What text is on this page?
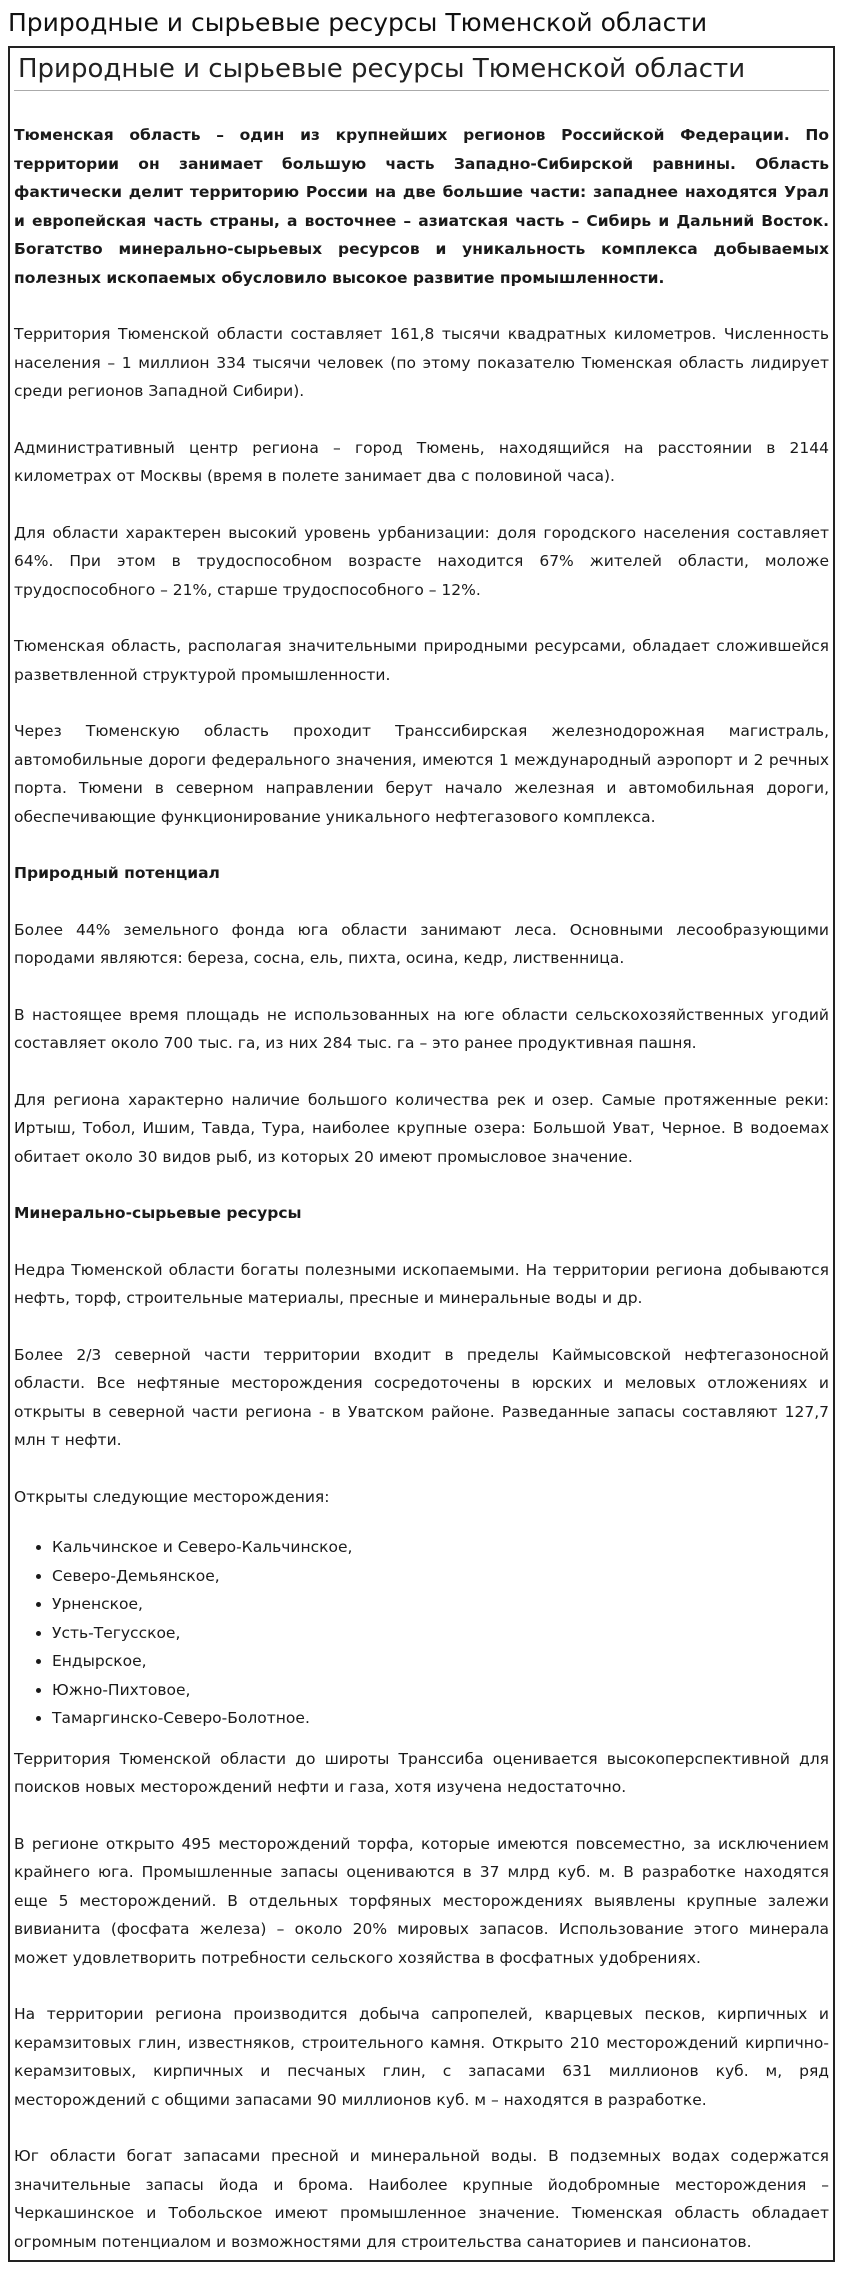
Природные и сырьевые ресурсы Тюменской области
Природные и сырьевые ресурсы Тюменской области

Тюменская область – один из крупнейших регионов Российской Федерации. По территории он занимает большую часть Западно-Сибирской равнины. Область фактически делит территорию России на две большие части: западнее находятся Урал и европейская часть страны, а восточнее – азиатская часть – Сибирь и Дальний Восток. Богатство минерально-сырьевых ресурсов и уникальность комплекса добываемых полезных ископаемых обусловило высокое развитие промышленности.

Территория Тюменской области составляет 161,8 тысячи квадратных километров. Численность населения – 1 миллион 334 тысячи человек (по этому показателю Тюменская область лидирует среди регионов Западной Сибири).

Административный центр региона – город Тюмень, находящийся на расстоянии в 2144 километрах от Москвы (время в полете занимает два с половиной часа).

Для области характерен высокий уровень урбанизации: доля городского населения составляет 64%. При этом в трудоспособном возрасте находится 67% жителей области, моложе трудоспособного – 21%, старше трудоспособного – 12%.

Тюменская область, располагая значительными природными ресурсами, обладает сложившейся разветвленной структурой промышленности.

Через Тюменскую область проходит Транссибирская железнодорожная магистраль, автомобильные дороги федерального значения, имеются 1 международный аэропорт и 2 речных порта. Тюмени в северном направлении берут начало железная и автомобильная дороги, обеспечивающие функционирование уникального нефтегазового комплекса.

Природный потенциал

Более 44% земельного фонда юга области занимают леса. Основными лесообразующими породами являются: береза, сосна, ель, пихта, осина, кедр, лиственница.

В настоящее время площадь не использованных на юге области сельскохозяйственных угодий составляет около 700 тыс. га, из них 284 тыс. га – это ранее продуктивная пашня.

Для региона характерно наличие большого количества рек и озер. Самые протяженные реки: Иртыш, Тобол, Ишим, Тавда, Тура, наиболее крупные озера: Большой Уват, Черное. В водоемах обитает около 30 видов рыб, из которых 20 имеют промысловое значение.

Минерально-сырьевые ресурсы

Недра Тюменской области богаты полезными ископаемыми. На территории региона добываются нефть, торф, строительные материалы, пресные и минеральные воды и др.

Более 2/3 северной части территории входит в пределы Каймысовской нефтегазоносной области. Все нефтяные месторождения сосредоточены в юрских и меловых отложениях и открыты в северной части региона - в Уватском районе. Разведанные запасы составляют 127,7 млн т нефти.

Открыты следующие месторождения:

• Кальчинское и Северо-Кальчинское,
• Северо-Демьянское,
• Урненское,
• Усть-Тегусское,
• Ендырское,
• Южно-Пихтовое,
• Тамаргинско-Северо-Болотное.

Территория Тюменской области до широты Транссиба оценивается высокоперспективной для поисков новых месторождений нефти и газа, хотя изучена недостаточно.

В регионе открыто 495 месторождений торфа, которые имеются повсеместно, за исключением крайнего юга. Промышленные запасы оцениваются в 37 млрд куб. м. В разработке находятся еще 5 месторождений. В отдельных торфяных месторождениях выявлены крупные залежи вивианита (фосфата железа) – около 20% мировых запасов. Использование этого минерала может удовлетворить потребности сельского хозяйства в фосфатных удобрениях.

На территории региона производится добыча сапропелей, кварцевых песков, кирпичных и керамзитовых глин, известняков, строительного камня. Открыто 210 месторождений кирпично-керамзитовых, кирпичных и песчаных глин, с запасами 631 миллионов куб. м, ряд месторождений с общими запасами 90 миллионов куб. м – находятся в разработке.

Юг области богат запасами пресной и минеральной воды. В подземных водах содержатся значительные запасы йода и брома. Наиболее крупные йодобромные месторождения – Черкашинское и Тобольское имеют промышленное значение. Тюменская область обладает огромным потенциалом и возможностями для строительства санаториев и пансионатов.
